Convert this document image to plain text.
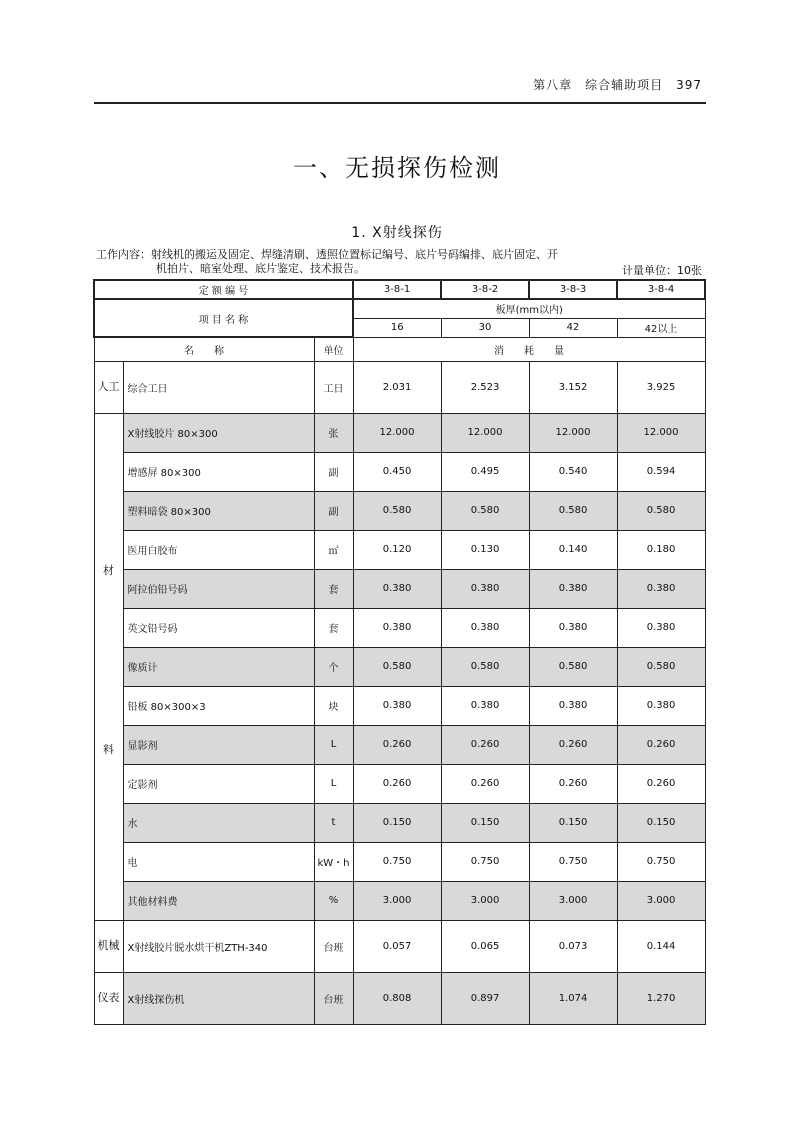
第八章　综合辅助项目　397
一、无损探伤检测
1. X射线探伤
工作内容：射线机的搬运及固定、焊缝清刷、透照位置标记编号、底片号码编排、底片固定、开
机拍片、暗室处理、底片鉴定、技术报告。	计量单位：10张
定 额 编 号			3-8-1	3-8-2	3-8-3	3-8-4
项 目 名 称			板厚(mm以内)			
			16	30	42	42以上
名　　称		单位	消　　耗　　量			
人工	综合工日	工日	2.031	2.523	3.152	3.925

材
料	X射线胶片 80×300	张	12.000	12.000	12.000	12.000
	增感屏 80×300	副	0.450	0.495	0.540	0.594
	塑料暗袋 80×300	副	0.580	0.580	0.580	0.580
	医用白胶布	㎡	0.120	0.130	0.140	0.180
	阿拉伯铅号码	套	0.380	0.380	0.380	0.380
	英文铅号码	套	0.380	0.380	0.380	0.380
	像质计	个	0.580	0.580	0.580	0.580
	铅板 80×300×3	块	0.380	0.380	0.380	0.380
	显影剂	L	0.260	0.260	0.260	0.260
	定影剂	L	0.260	0.260	0.260	0.260
	水	t	0.150	0.150	0.150	0.150
	电	kW・h	0.750	0.750	0.750	0.750
	其他材料费	%	3.000	3.000	3.000	3.000
机械	X射线胶片脱水烘干机ZTH-340	台班	0.057	0.065	0.073	0.144
仪表	X射线探伤机	台班	0.808	0.897	1.074	1.270
